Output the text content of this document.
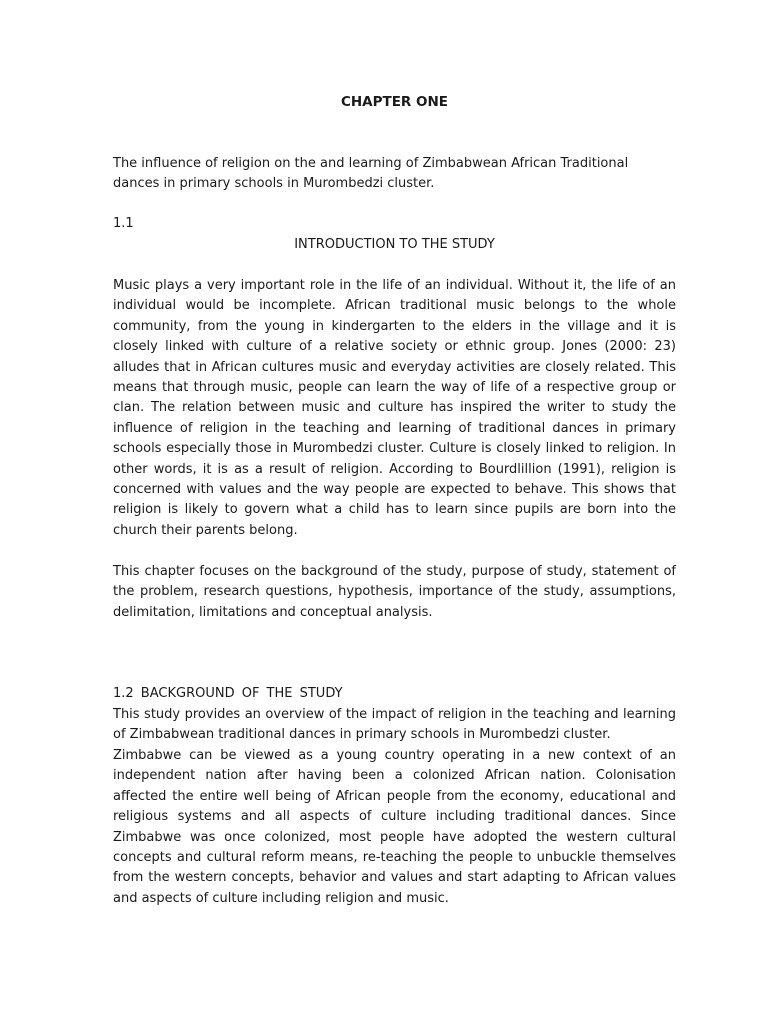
CHAPTER ONE

The influence of religion on the and learning of Zimbabwean African Traditional dances in primary schools in Murombedzi cluster.

1.1

INTRODUCTION TO THE STUDY

Music plays a very important role in the life of an individual. Without it, the life of an individual would be incomplete. African traditional music belongs to the whole community, from the young in kindergarten to the elders in the village and it is closely linked with culture of a relative society or ethnic group. Jones (2000: 23) alludes that in African cultures music and everyday activities are closely related. This means that through music, people can learn the way of life of a respective group or clan. The relation between music and culture has inspired the writer to study the influence of religion in the teaching and learning of traditional dances in primary schools especially those in Murombedzi cluster. Culture is closely linked to religion. In other words, it is as a result of religion. According to Bourdlillion (1991), religion is concerned with values and the way people are expected to behave. This shows that religion is likely to govern what a child has to learn since pupils are born into the church their parents belong.

This chapter focuses on the background of the study, purpose of study, statement of the problem, research questions, hypothesis, importance of the study, assumptions, delimitation, limitations and conceptual analysis.

1.2 BACKGROUND OF THE STUDY

This study provides an overview of the impact of religion in the teaching and learning of Zimbabwean traditional dances in primary schools in Murombedzi cluster.

Zimbabwe can be viewed as a young country operating in a new context of an independent nation after having been a colonized African nation. Colonisation affected the entire well being of African people from the economy, educational and religious systems and all aspects of culture including traditional dances. Since Zimbabwe was once colonized, most people have adopted the western cultural concepts and cultural reform means, re-teaching the people to unbuckle themselves from the western concepts, behavior and values and start adapting to African values and aspects of culture including religion and music.
